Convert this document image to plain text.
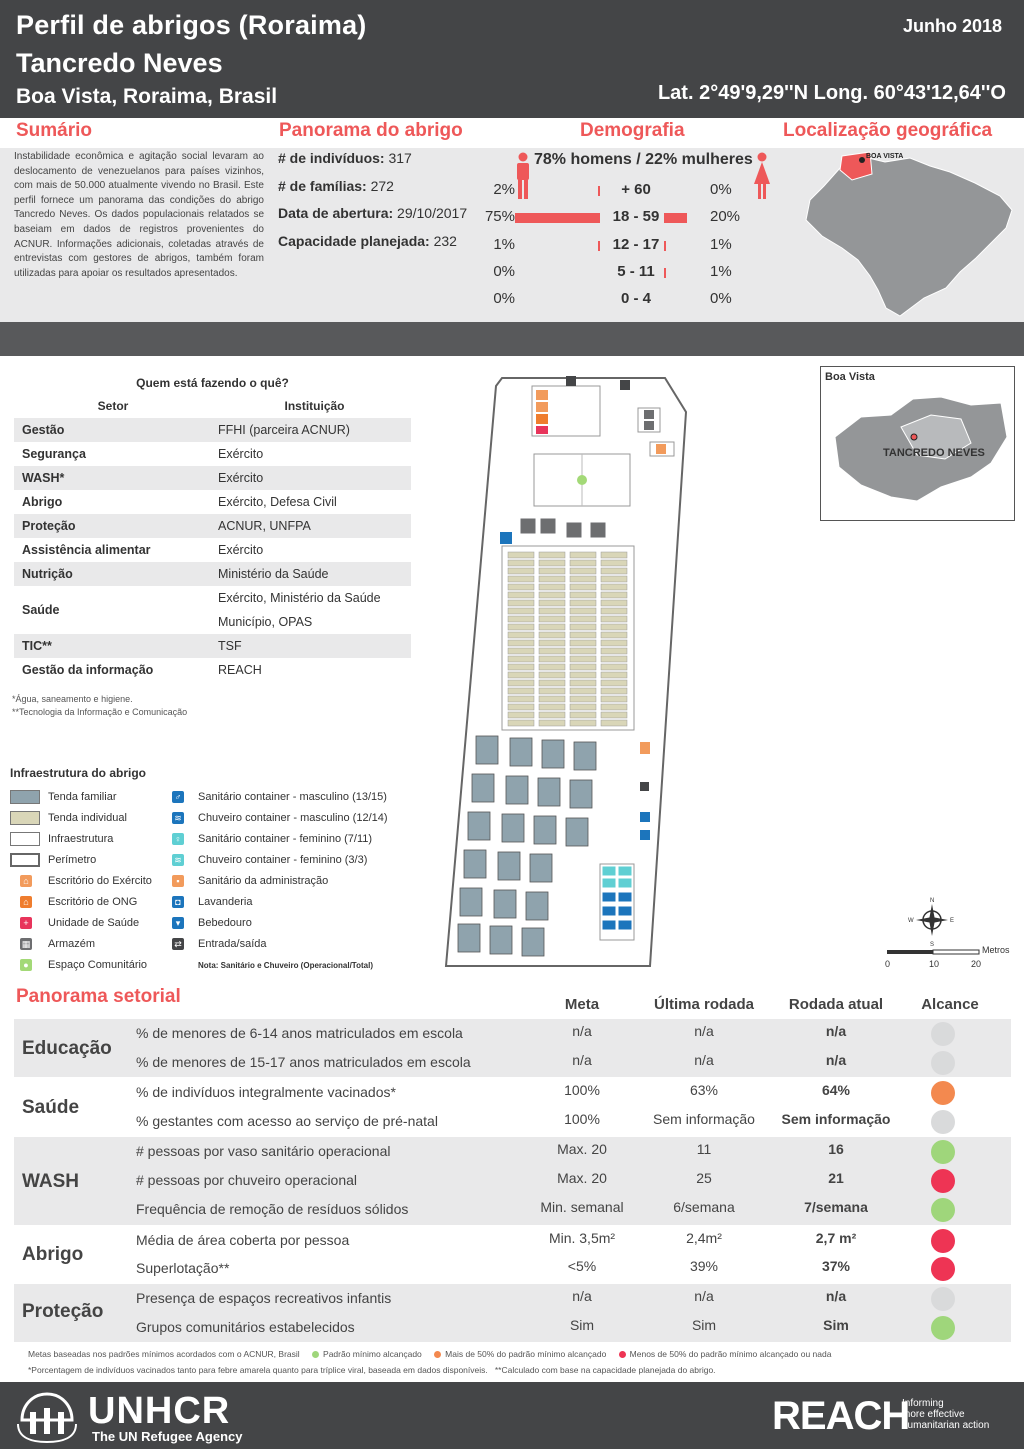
Perfil de abrigos (Roraima)
Tancredo Neves
Boa Vista, Roraima, Brasil
Junho 2018
Lat. 2°49'9,29''N Long. 60°43'12,64''O
Sumário	Panorama do abrigo	Demografia	Localização geográfica
Instabilidade econômica e agitação social levaram ao deslocamento de venezuelanos para países vizinhos, com mais de 50.000 atualmente vivendo no Brasil. Este perfil fornece um panorama das condições do abrigo Tancredo Neves. Os dados populacionais relatados se baseiam em dados de registros provenientes do ACNUR. Informações adicionais, coletadas através de entrevistas com gestores de abrigos, também foram utilizadas para apoiar os resultados apresentados.
# de indivíduos: 317
# de famílias: 272
Data de abertura: 29/10/2017
Capacidade planejada: 232
78% homens / 22% mulheres
2%	+ 60	0%
75%	18 - 59	20%
1%	12 - 17	1%
0%	5 - 11	1%
0%	0 - 4	0%
BOA VISTA
Quem está fazendo o quê?
Setor	Instituição
Gestão	FFHI (parceira ACNUR)
Segurança	Exército
WASH*	Exército
Abrigo	Exército, Defesa Civil
Proteção	ACNUR, UNFPA
Assistência alimentar	Exército
Nutrição	Ministério da Saúde
Saúde
Exército, Ministério da Saúde
Município, OPAS
TIC**	TSF
Gestão da informação	REACH
*Água, saneamento e higiene.
**Tecnologia da Informação e Comunicação
Infraestrutura do abrigo
Tenda familiar
Tenda individual
Infraestrutura
Perímetro
⌂ Escritório do Exército
⌂ Escritório de ONG
+	Unidade de Saúde
▦ Armazém
● Espaço Comunitário
♂ Sanitário container - masculino (13/15)
≋ Chuveiro container - masculino (12/14)
♀ Sanitário container - feminino (7/11)
≋ Chuveiro container - feminino (3/3)
▪	Sanitário da administração
◘ Lavanderia
▾	Bebedouro
⇄ Entrada/saída
Nota: Sanitário e Chuveiro (Operacional/Total)
Boa Vista
TANCREDO NEVES
N
S
E
W
Metros
0	10	20
Panorama setorial	Meta	Última rodada	Rodada atual	Alcance
Educação
% de menores de 6-14 anos matriculados em escola	n/a	n/a	n/a
% de menores de 15-17 anos matriculados em escola	n/a	n/a	n/a
Saúde
% de indivíduos integralmente vacinados*	100%	63%	64%
% gestantes com acesso ao serviço de pré-natal	100%	Sem informação	Sem informação
WASH
# pessoas por vaso sanitário operacional	Max. 20	11	16
# pessoas por chuveiro operacional	Max. 20	25	21
Frequência de remoção de resíduos sólidos	Min. semanal	6/semana	7/semana
Abrigo
Média de área coberta por pessoa	Min. 3,5m²	2,4m²	2,7 m²
Superlotação**	<5%	39%	37%
Proteção
Presença de espaços recreativos infantis	n/a	n/a	n/a
Grupos comunitários estabelecidos	Sim	Sim	Sim
Metas baseadas nos padrões mínimos acordados com o ACNUR, Brasil	Padrão mínimo alcançado	Mais de 50% do padrão mínimo alcançado	Menos de 50% do padrão mínimo alcançado ou nada
*Porcentagem de indivíduos vacinados tanto para febre amarela quanto para tríplice viral, baseada em dados disponíveis. **Calculado com base na capacidade planejada do abrigo.
UNHCR
The UN Refugee Agency	REACH
Informing
more effective
humanitarian action
